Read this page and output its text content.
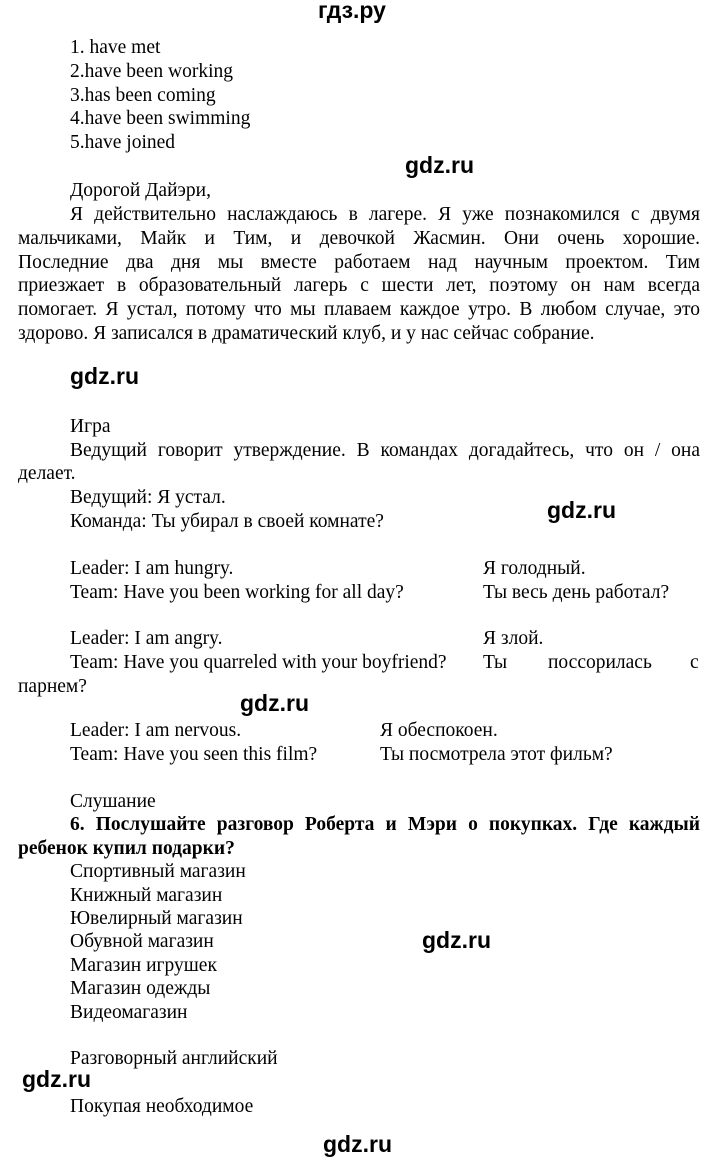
гдз.ру
1. have met
2.have been working
3.has been coming
4.have been swimming
5.have joined
gdz.ru
Дорогой Дайэри,
Я действительно наслаждаюсь в лагере. Я уже познакомился с двумя
мальчиками, Майк и Тим, и девочкой Жасмин. Они очень хорошие.
Последние два дня мы вместе работаем над научным проектом. Тим
приезжает в образовательный лагерь с шести лет, поэтому он нам всегда
помогает. Я устал, потому что мы плаваем каждое утро. В любом случае, это
здорово. Я записался в драматический клуб, и у нас сейчас собрание.
gdz.ru
Игра
Ведущий говорит утверждение. В командах догадайтесь, что он / она
делает.
Ведущий: Я устал.
Команда: Ты убирал в своей комнате?	gdz.ru
Leader: I am hungry.	Я голодный.
Team: Have you been working for all day?	Ты весь день работал?
Leader: I am angry.	Я злой.
Team: Have you quarreled with your boyfriend? Ты поссорилась с
парнем?
gdz.ru
Leader: I am nervous.	Я обеспокоен.
Team: Have you seen this film?	Ты посмотрела этот фильм?
Слушание
6. Послушайте разговор Роберта и Мэри о покупках. Где каждый
ребенок купил подарки?
Спортивный магазин
Книжный магазин
Ювелирный магазин
Обувной магазин
Магазин игрушек
Магазин одежды
Видеомагазин
gdz.ru
Разговорный английский
gdz.ru
Покупая необходимое
gdz.ru
